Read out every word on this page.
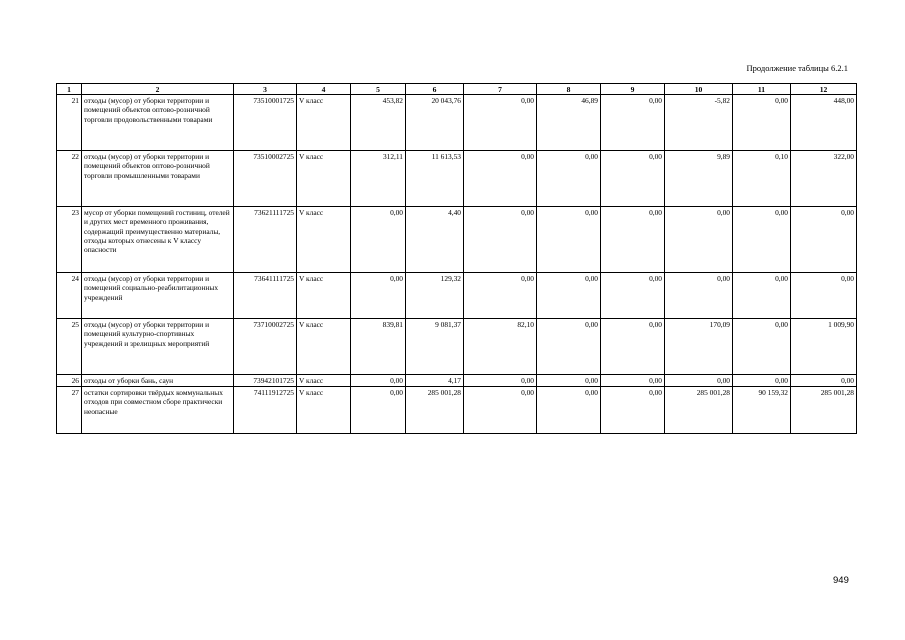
Продолжение таблицы 6.2.1
1	2	3	4	5	6	7	8	9	10	11	12
21	отходы (мусор) от уборки территории и помещений объектов оптово-розничной торговли продовольственными товарами	73510001725	V класс	453,82	20 043,76	0,00	46,89	0,00	-5,82	0,00	448,00
22	отходы (мусор) от уборки территории и помещений объектов оптово-розничной торговли промышленными товарами	73510002725	V класс	312,11	11 613,53	0,00	0,00	0,00	9,89	0,10	322,00
23	мусор от уборки помещений гостиниц, отелей и других мест временного проживания, содержащий преимущественно материалы, отходы которых отнесены к V классу опасности	73621111725	V класс	0,00	4,40	0,00	0,00	0,00	0,00	0,00	0,00
24	отходы (мусор) от уборки территории и помещений социально-реабилитационных учреждений	73641111725	V класс	0,00	129,32	0,00	0,00	0,00	0,00	0,00	0,00
25	отходы (мусор) от уборки территории и помещений культурно-спортивных учреждений и зрелищных мероприятий	73710002725	V класс	839,81	9 081,37	82,10	0,00	0,00	170,09	0,00	1 009,90
26	отходы от уборки бань, саун	73942101725	V класс	0,00	4,17	0,00	0,00	0,00	0,00	0,00	0,00
27	остатки сортировки твёрдых коммунальных отходов при совместном сборе практически неопасные	74111912725	V класс	0,00	285 001,28	0,00	0,00	0,00	285 001,28	90 159,32	285 001,28
949
